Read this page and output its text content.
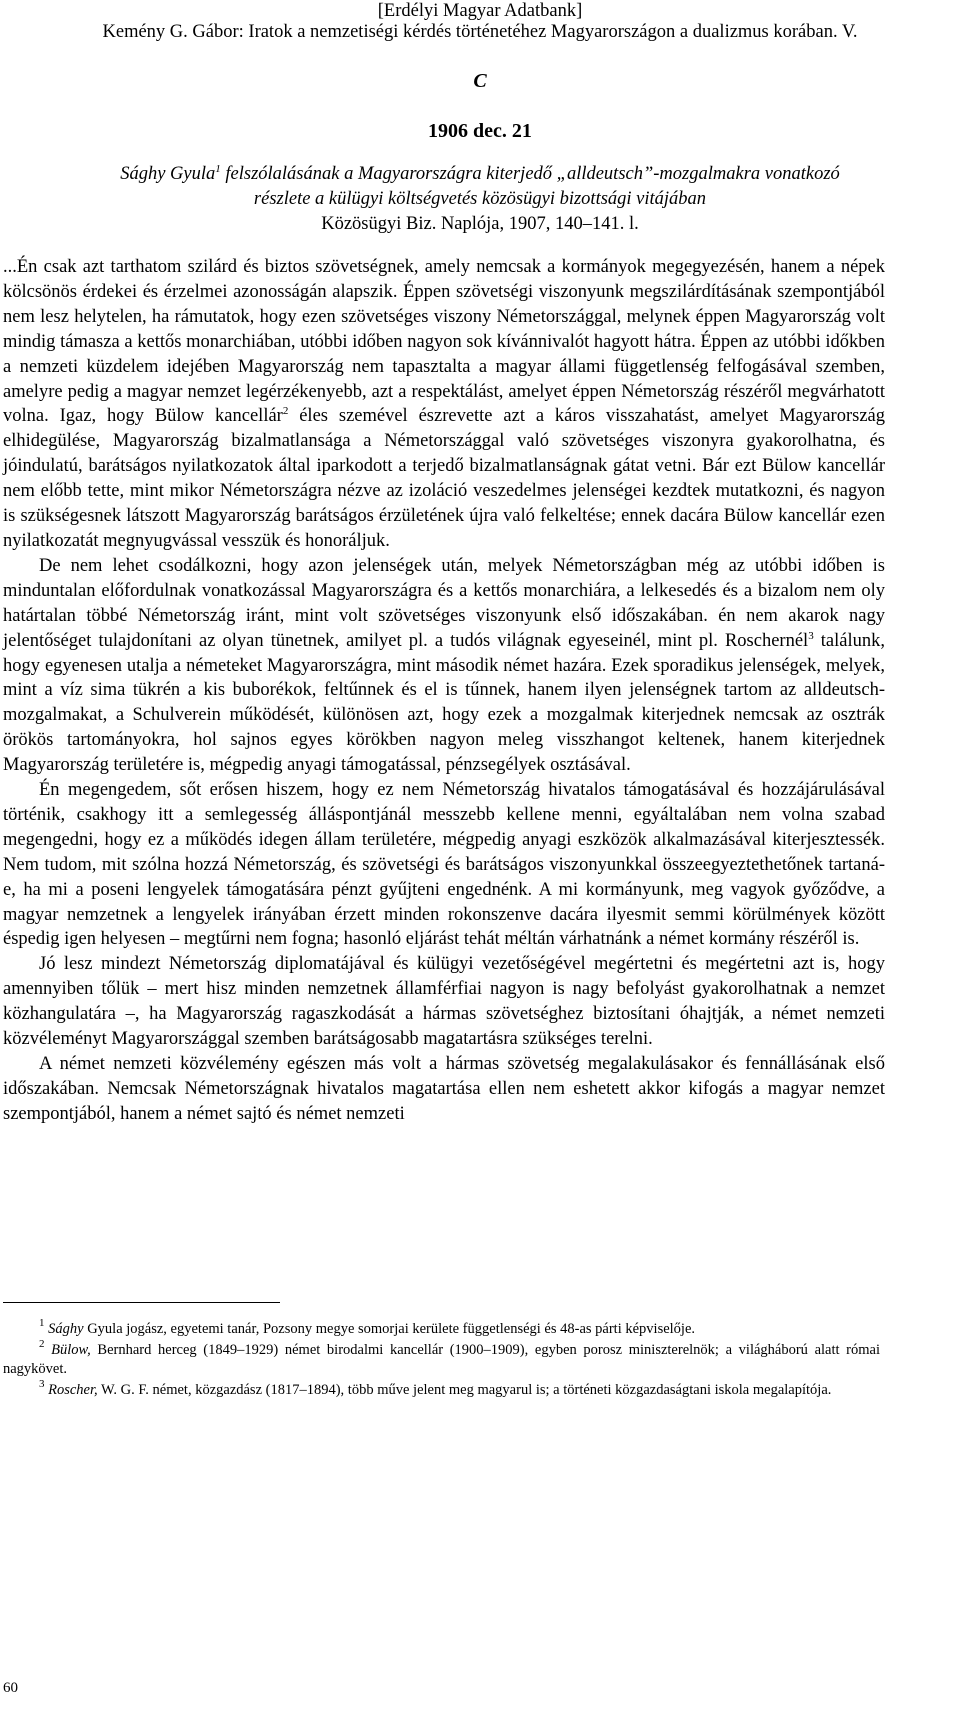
[Erdélyi Magyar Adatbank]
Kemény G. Gábor: Iratok a nemzetiségi kérdés történetéhez Magyarországon a dualizmus korában. V.
C
1906 dec. 21
Sághy Gyula$^1$ felszólalásának a Magyarországra kiterjedő „alldeutsch”-mozgalmakra vonatkozó
részlete a külügyi költségvetés közösügyi bizottsági vitájában
Közösügyi Biz. Naplója, 1907, 140–141. l.

...Én csak azt tarthatom szilárd és biztos szövetségnek, amely nemcsak a kormányok megegyezésén, hanem a népek kölcsönös érdekei és érzelmei azonosságán alapszik. Éppen szövetségi viszonyunk megszilárdításának szempontjából nem lesz helytelen, ha rámutatok, hogy ezen szövetséges viszony Németországgal, melynek éppen Magyarország volt mindig támasza a kettős monarchiában, utóbbi időben nagyon sok kívánnivalót hagyott hátra. Éppen az utóbbi időkben a nemzeti küzdelem idejében Magyarország nem tapasztalta a magyar állami függetlenség felfogásával szemben, amelyre pedig a magyar nemzet legérzékenyebb, azt a respektálást, amelyet éppen Németország részéről megvárhatott volna. Igaz, hogy Bülow kancellár$^2$ éles szemével észrevette azt a káros visszahatást, amelyet Magyarország elhidegülése, Magyarország bizalmatlansága a Németországgal való szövetséges viszonyra gyakorolhatna, és jóindulatú, barátságos nyilatkozatok által iparkodott a terjedő bizalmatlanságnak gátat vetni. Bár ezt Bülow kancellár nem előbb tette, mint mikor Németországra nézve az izoláció veszedelmes jelenségei kezdtek mutatkozni, és nagyon is szükségesnek látszott Magyarország barátságos érzületének újra való felkeltése; ennek dacára Bülow kancellár ezen nyilatkozatát megnyugvással vesszük és honoráljuk.

De nem lehet csodálkozni, hogy azon jelenségek után, melyek Németországban még az utóbbi időben is minduntalan előfordulnak vonatkozással Magyarországra és a kettős monarchiára, a lelkesedés és a bizalom nem oly határtalan többé Németország iránt, mint volt szövetséges viszonyunk első időszakában. én nem akarok nagy jelentőséget tulajdonítani az olyan tünetnek, amilyet pl. a tudós világnak egyeseinél, mint pl. Roschernél$^3$ találunk, hogy egyenesen utalja a németeket Magyarországra, mint második német hazára. Ezek sporadikus jelenségek, melyek, mint a víz sima tükrén a kis buborékok, feltűnnek és el is tűnnek, hanem ilyen jelenségnek tartom az alldeutsch-mozgalmakat, a Schulverein működését, különösen azt, hogy ezek a mozgalmak kiterjednek nemcsak az osztrák örökös tartományokra, hol sajnos egyes körökben nagyon meleg visszhangot keltenek, hanem kiterjednek Magyarország területére is, mégpedig anyagi támogatással, pénzsegélyek osztásával.

Én megengedem, sőt erősen hiszem, hogy ez nem Németország hivatalos támogatásával és hozzájárulásával történik, csakhogy itt a semlegesség álláspontjánál messzebb kellene menni, egyáltalában nem volna szabad megengedni, hogy ez a működés idegen állam területére, mégpedig anyagi eszközök alkalmazásával kiterjesztessék. Nem tudom, mit szólna hozzá Németország, és szövetségi és barátságos viszonyunkkal összeegyeztethetőnek tartaná-e, ha mi a poseni lengyelek támogatására pénzt gyűjteni engednénk. A mi kormányunk, meg vagyok győződve, a magyar nemzetnek a lengyelek irányában érzett minden rokonszenve dacára ilyesmit semmi körülmények között éspedig igen helyesen – megtűrni nem fogna; hasonló eljárást tehát méltán várhatnánk a német kormány részéről is.

Jó lesz mindezt Németország diplomatájával és külügyi vezetőségével megértetni és megértetni azt is, hogy amennyiben tőlük – mert hisz minden nemzetnek államférfiai nagyon is nagy befolyást gyakorolhatnak a nemzet közhangulatára –, ha Magyarország ragaszkodását a hármas szövetséghez biztosítani óhajtják, a német nemzeti közvéleményt Magyarországgal szemben barátságosabb magatartásra szükséges terelni.

A német nemzeti közvélemény egészen más volt a hármas szövetség megalakulásakor és fennállásának első időszakában. Nemcsak Németországnak hivatalos magatartása ellen nem eshetett akkor kifogás a magyar nemzet szempontjából, hanem a német sajtó és német nemzeti

$^1$ Sághy Gyula jogász, egyetemi tanár, Pozsony megye somorjai kerülete függetlenségi és 48-as párti képviselője.

$^2$ Bülow, Bernhard herceg (1849–1929) német birodalmi kancellár (1900–1909), egyben porosz miniszterelnök; a világháború alatt római nagykövet.

$^3$ Roscher, W. G. F. német, közgazdász (1817–1894), több műve jelent meg magyarul is; a történeti közgazdaságtani iskola megalapítója.

60
